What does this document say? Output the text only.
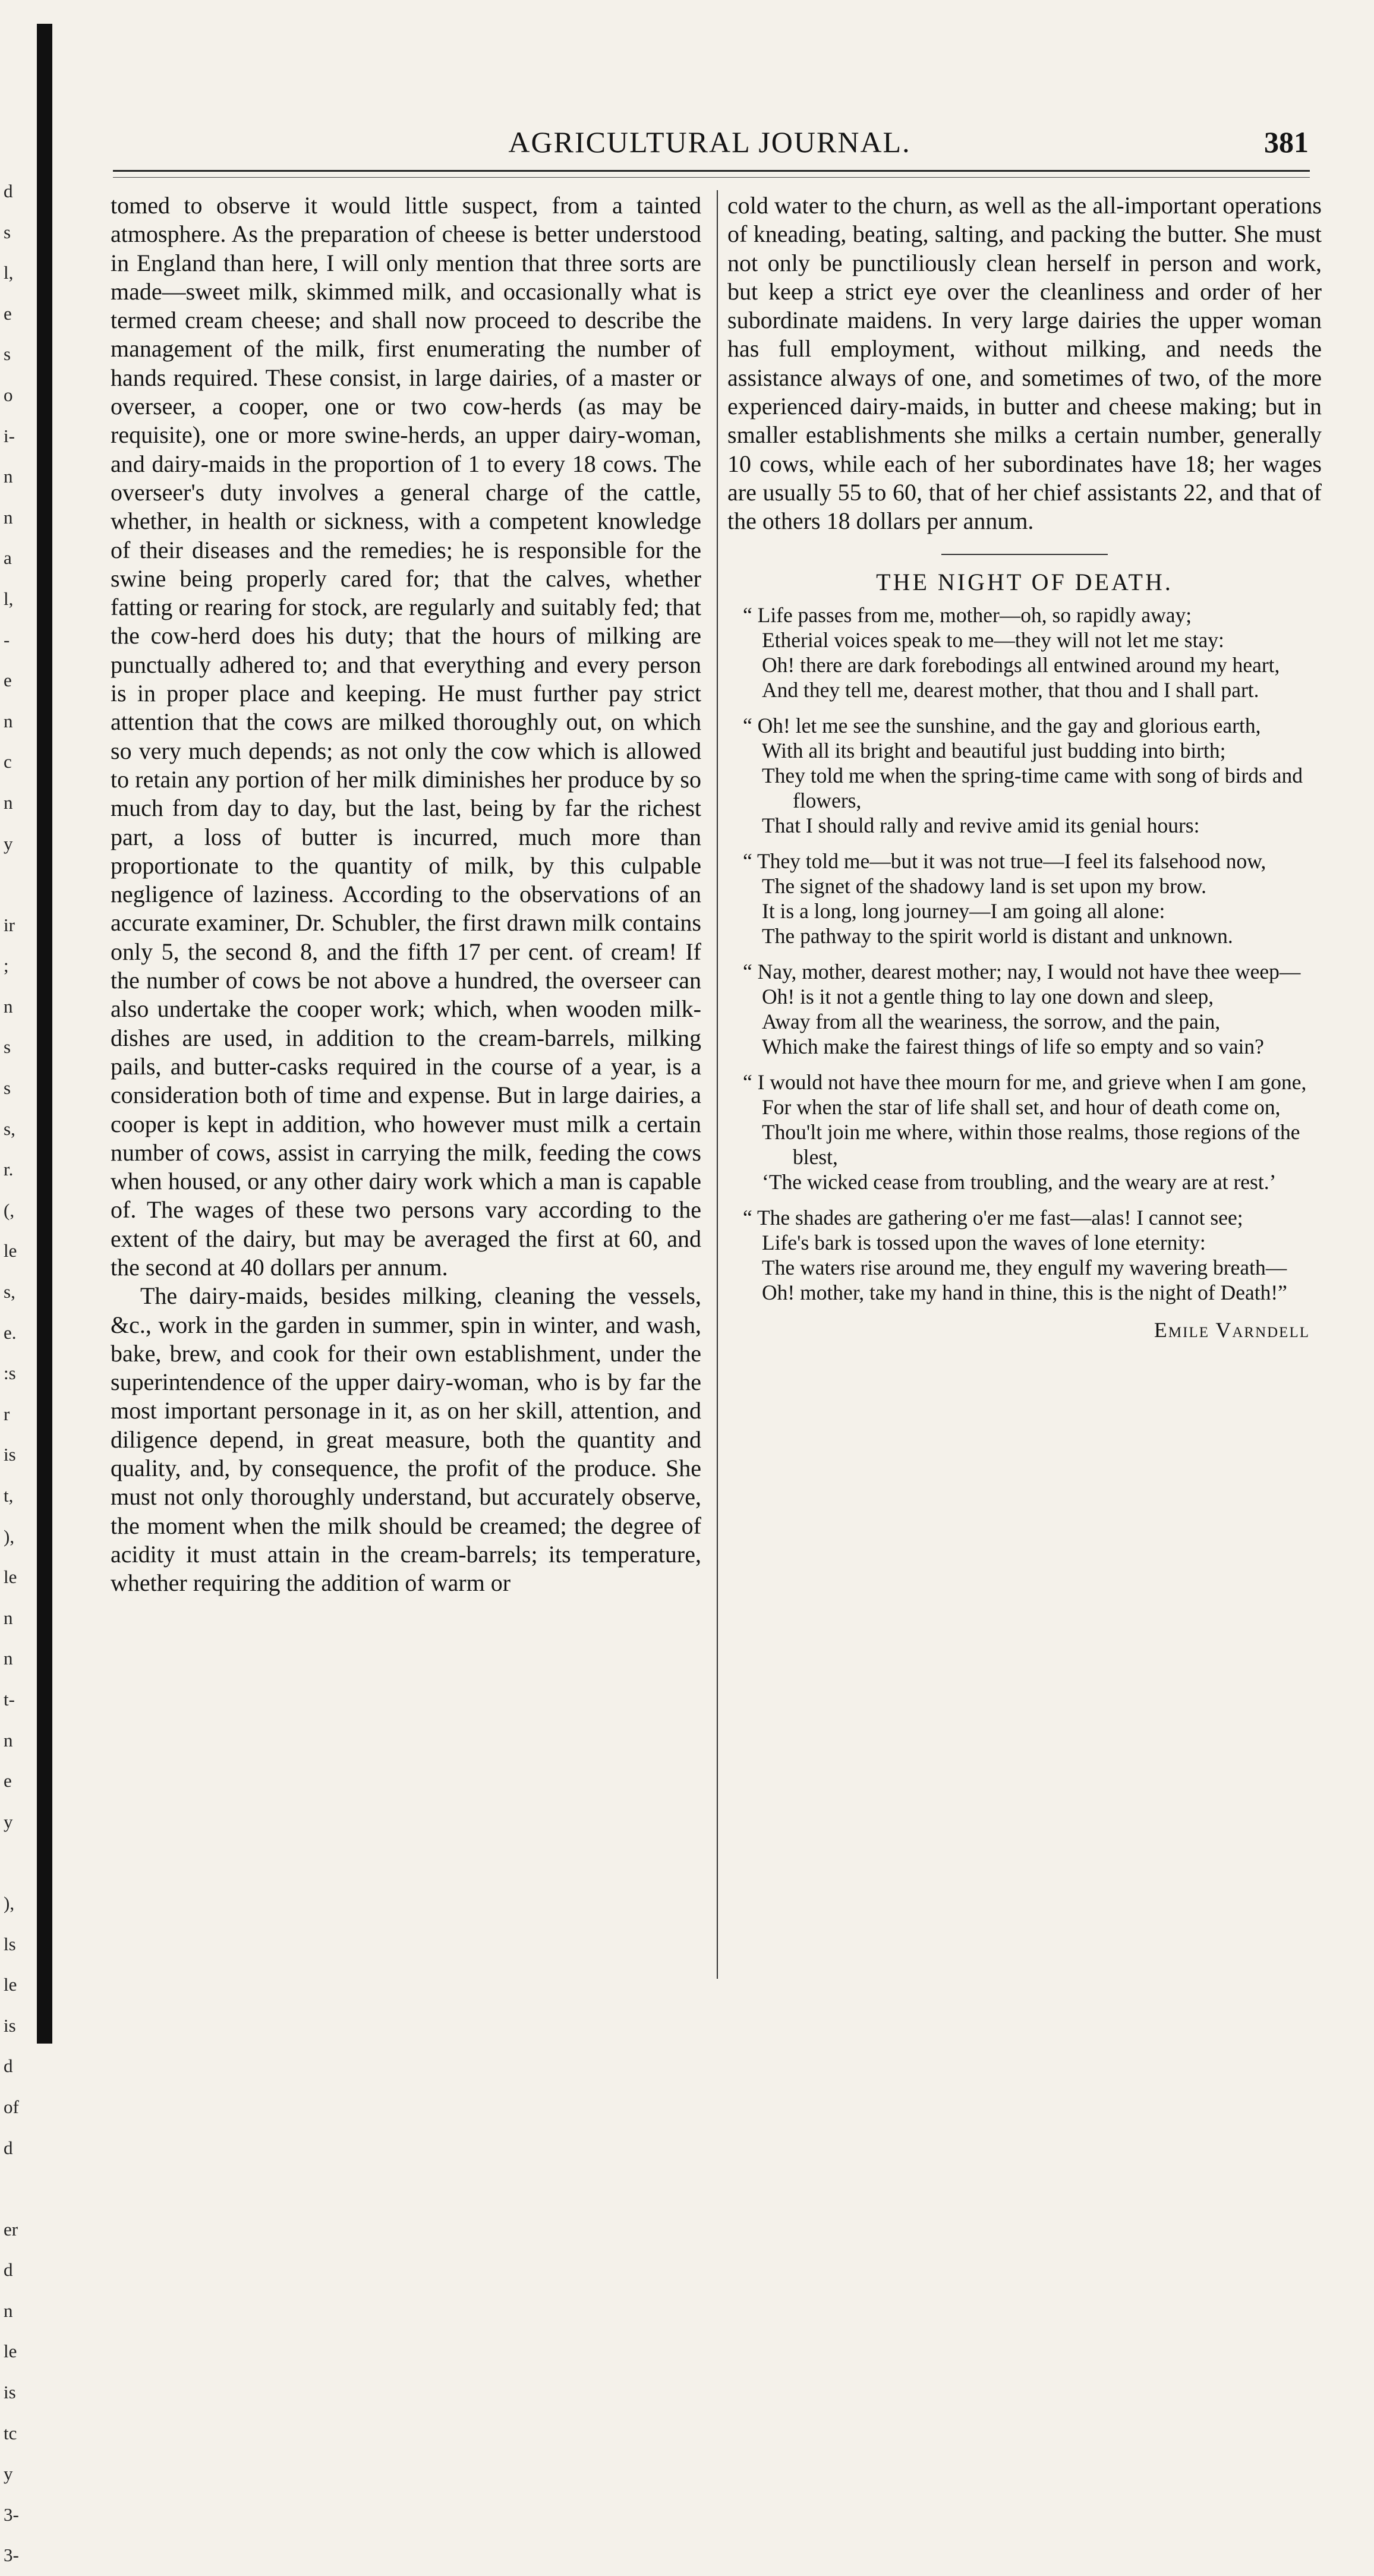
d
s
l,
e
s
o
i-
n
n
a
l,
-
e
n
c
n
y
ir
;
n
s
s
s,
r.
(,
le
s,
e.
:s
r
is
t,
),
le
n
n
t-
n
e
y
),
ls
le
is
d
of
d
er
d
n
le
is
tc
y
3-
3-
AGRICULTURAL JOURNAL.	381

tomed to observe it would little suspect, from a tainted atmosphere. As the preparation of cheese is better understood in England than here, I will only mention that three sorts are made—sweet milk, skimmed milk, and occasionally what is termed cream cheese; and shall now proceed to describe the management of the milk, first enumerating the number of hands required. These consist, in large dairies, of a master or overseer, a cooper, one or two cow-herds (as may be requisite), one or more swine-herds, an upper dairy-woman, and dairy-maids in the proportion of 1 to every 18 cows. The overseer's duty involves a general charge of the cattle, whether, in health or sickness, with a competent knowledge of their diseases and the remedies; he is responsible for the swine being properly cared for; that the calves, whether fatting or rearing for stock, are regularly and suitably fed; that the cow-herd does his duty; that the hours of milking are punctually adhered to; and that everything and every person is in proper place and keeping. He must further pay strict attention that the cows are milked thoroughly out, on which so very much depends; as not only the cow which is allowed to retain any portion of her milk diminishes her produce by so much from day to day, but the last, being by far the richest part, a loss of butter is incurred, much more than proportionate to the quantity of milk, by this culpable negligence of laziness. According to the observations of an accurate examiner, Dr. Schubler, the first drawn milk contains only 5, the second 8, and the fifth 17 per cent. of cream! If the number of cows be not above a hundred, the overseer can also undertake the cooper work; which, when wooden milk-dishes are used, in addition to the cream-barrels, milking pails, and butter-casks required in the course of a year, is a consideration both of time and expense. But in large dairies, a cooper is kept in addition, who however must milk a certain number of cows, assist in carrying the milk, feeding the cows when housed, or any other dairy work which a man is capable of. The wages of these two persons vary according to the extent of the dairy, but may be averaged the first at 60, and the second at 40 dollars per annum.

The dairy-maids, besides milking, cleaning the vessels, &c., work in the garden in summer, spin in winter, and wash, bake, brew, and cook for their own establishment, under the superintendence of the upper dairy-woman, who is by far the most important personage in it, as on her skill, attention, and diligence depend, in great measure, both the quantity and quality, and, by consequence, the profit of the produce. She must not only thoroughly understand, but accurately observe, the moment when the milk should be creamed; the degree of acidity it must attain in the cream-barrels; its temperature, whether requiring the addition of warm or

cold water to the churn, as well as the all-important operations of kneading, beating, salting, and packing the butter. She must not only be punctiliously clean herself in person and work, but keep a strict eye over the cleanliness and order of her subordinate maidens. In very large dairies the upper woman has full employment, without milking, and needs the assistance always of one, and sometimes of two, of the more experienced dairy-maids, in butter and cheese making; but in smaller establishments she milks a certain number, generally 10 cows, while each of her subordinates have 18; her wages are usually 55 to 60, that of her chief assistants 22, and that of the others 18 dollars per annum.

THE NIGHT OF DEATH.
“ Life passes from me, mother—oh, so rapidly away;
Etherial voices speak to me—they will not let me stay:
Oh! there are dark forebodings all entwined around my heart,
And they tell me, dearest mother, that thou and I shall part.
“ Oh! let me see the sunshine, and the gay and glorious earth,
With all its bright and beautiful just budding into birth;
They told me when the spring-time came with song of birds and flowers,
That I should rally and revive amid its genial hours:
“ They told me—but it was not true—I feel its falsehood now,
The signet of the shadowy land is set upon my brow.
It is a long, long journey—I am going all alone:
The pathway to the spirit world is distant and unknown.
“ Nay, mother, dearest mother; nay, I would not have thee weep—
Oh! is it not a gentle thing to lay one down and sleep,
Away from all the weariness, the sorrow, and the pain,
Which make the fairest things of life so empty and so vain?
“ I would not have thee mourn for me, and grieve when I am gone,
For when the star of life shall set, and hour of death come on,
Thou'lt join me where, within those realms, those regions of the blest,
‘The wicked cease from troubling, and the weary are at rest.’
“ The shades are gathering o'er me fast—alas! I cannot see;
Life's bark is tossed upon the waves of lone eternity:
The waters rise around me, they engulf my wavering breath—
Oh! mother, take my hand in thine, this is the night of Death!”
Emile Varndell
